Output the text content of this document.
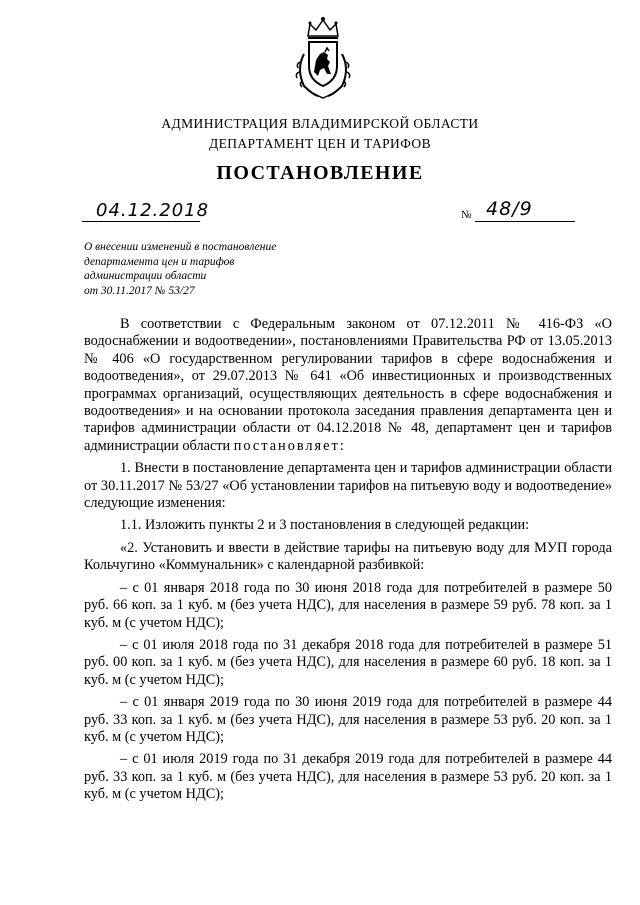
АДМИНИСТРАЦИЯ ВЛАДИМИРСКОЙ ОБЛАСТИ
ДЕПАРТАМЕНТ ЦЕН И ТАРИФОВ
ПОСТАНОВЛЕНИЕ
04.12.2018	№ 48/9
О внесении изменений в постановление
департамента цен и тарифов
администрации области
от 30.11.2017 № 53/27

В соответствии с Федеральным законом от 07.12.2011 № 416-ФЗ «О водоснабжении и водоотведении», постановлениями Правительства РФ от 13.05.2013 № 406 «О государственном регулировании тарифов в сфере водоснабжения и водоотведения», от 29.07.2013 № 641 «Об инвестиционных и производственных программах организаций, осуществляющих деятельность в сфере водоснабжения и водоотведения» и на основании протокола заседания правления департамента цен и тарифов администрации области от 04.12.2018 № 48, департамент цен и тарифов администрации области постановляет:

1. Внести в постановление департамента цен и тарифов администрации области от 30.11.2017 № 53/27 «Об установлении тарифов на питьевую воду и водоотведение» следующие изменения:

1.1. Изложить пункты 2 и 3 постановления в следующей редакции:

«2. Установить и ввести в действие тарифы на питьевую воду для МУП города Кольчугино «Коммунальник» с календарной разбивкой:

– с 01 января 2018 года по 30 июня 2018 года для потребителей в размере 50 руб. 66 коп. за 1 куб. м (без учета НДС), для населения в размере 59 руб. 78 коп. за 1 куб. м (с учетом НДС);

– с 01 июля 2018 года по 31 декабря 2018 года для потребителей в размере 51 руб. 00 коп. за 1 куб. м (без учета НДС), для населения в размере 60 руб. 18 коп. за 1 куб. м (с учетом НДС);

– с 01 января 2019 года по 30 июня 2019 года для потребителей в размере 44 руб. 33 коп. за 1 куб. м (без учета НДС), для населения в размере 53 руб. 20 коп. за 1 куб. м (с учетом НДС);

– с 01 июля 2019 года по 31 декабря 2019 года для потребителей в размере 44 руб. 33 коп. за 1 куб. м (без учета НДС), для населения в размере 53 руб. 20 коп. за 1 куб. м (с учетом НДС);
